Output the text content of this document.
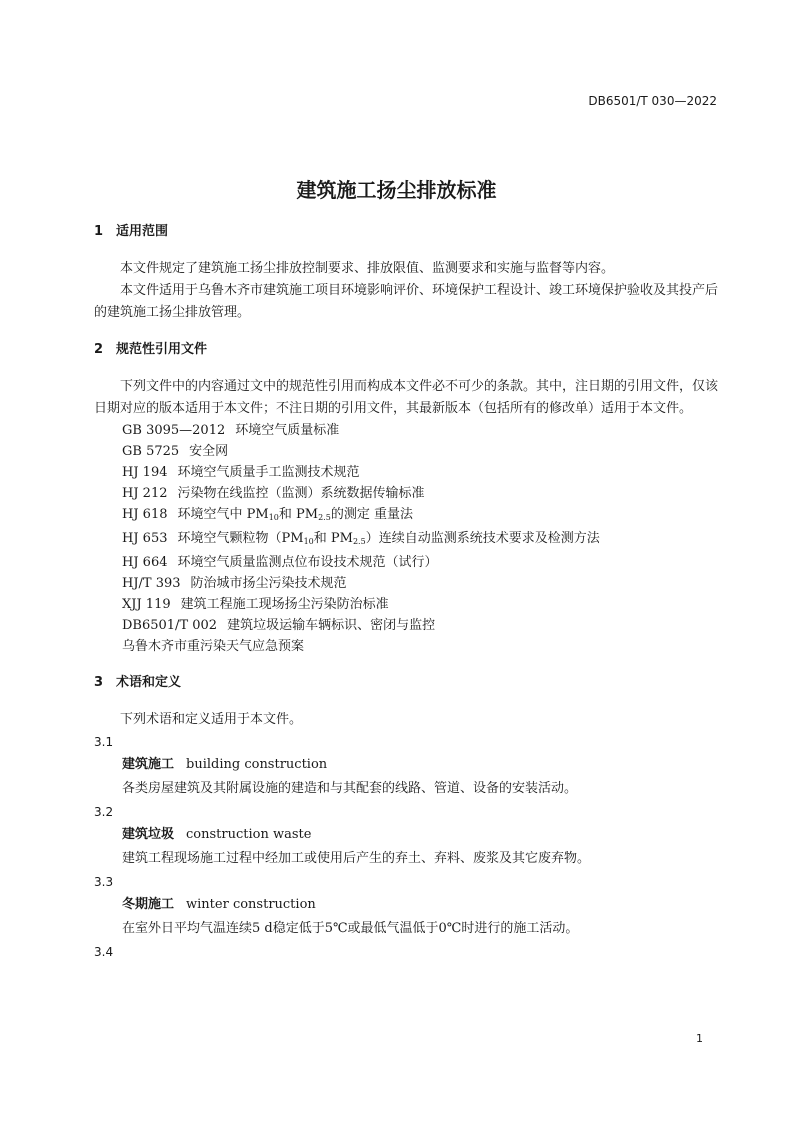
DB6501/T 030—2022
建筑施工扬尘排放标准
1 适用范围
本文件规定了建筑施工扬尘排放控制要求、排放限值、监测要求和实施与监督等内容。
本文件适用于乌鲁木齐市建筑施工项目环境影响评价、环境保护工程设计、竣工环境保护验收及其投产后的建筑施工扬尘排放管理。
2 规范性引用文件
下列文件中的内容通过文中的规范性引用而构成本文件必不可少的条款。其中，注日期的引用文件，仅该日期对应的版本适用于本文件；不注日期的引用文件，其最新版本（包括所有的修改单）适用于本文件。
GB 3095—2012 环境空气质量标准
GB 5725 安全网
HJ 194 环境空气质量手工监测技术规范
HJ 212 污染物在线监控（监测）系统数据传输标准
HJ 618 环境空气中 $PM_{10}$和 $PM_{2.5}$的测定 重量法
HJ 653 环境空气颗粒物（$PM_{10}$和 $PM_{2.5}$）连续自动监测系统技术要求及检测方法
HJ 664 环境空气质量监测点位布设技术规范（试行）
HJ/T 393 防治城市扬尘污染技术规范
XJJ 119 建筑工程施工现场扬尘污染防治标准
DB6501/T 002 建筑垃圾运输车辆标识、密闭与监控
乌鲁木齐市重污染天气应急预案
3 术语和定义
下列术语和定义适用于本文件。
3.1
建筑施工 building construction
各类房屋建筑及其附属设施的建造和与其配套的线路、管道、设备的安装活动。
3.2
建筑垃圾 construction waste
建筑工程现场施工过程中经加工或使用后产生的弃土、弃料、废浆及其它废弃物。
3.3
冬期施工 winter construction
在室外日平均气温连续5 d稳定低于5℃或最低气温低于0℃时进行的施工活动。
3.4
1
